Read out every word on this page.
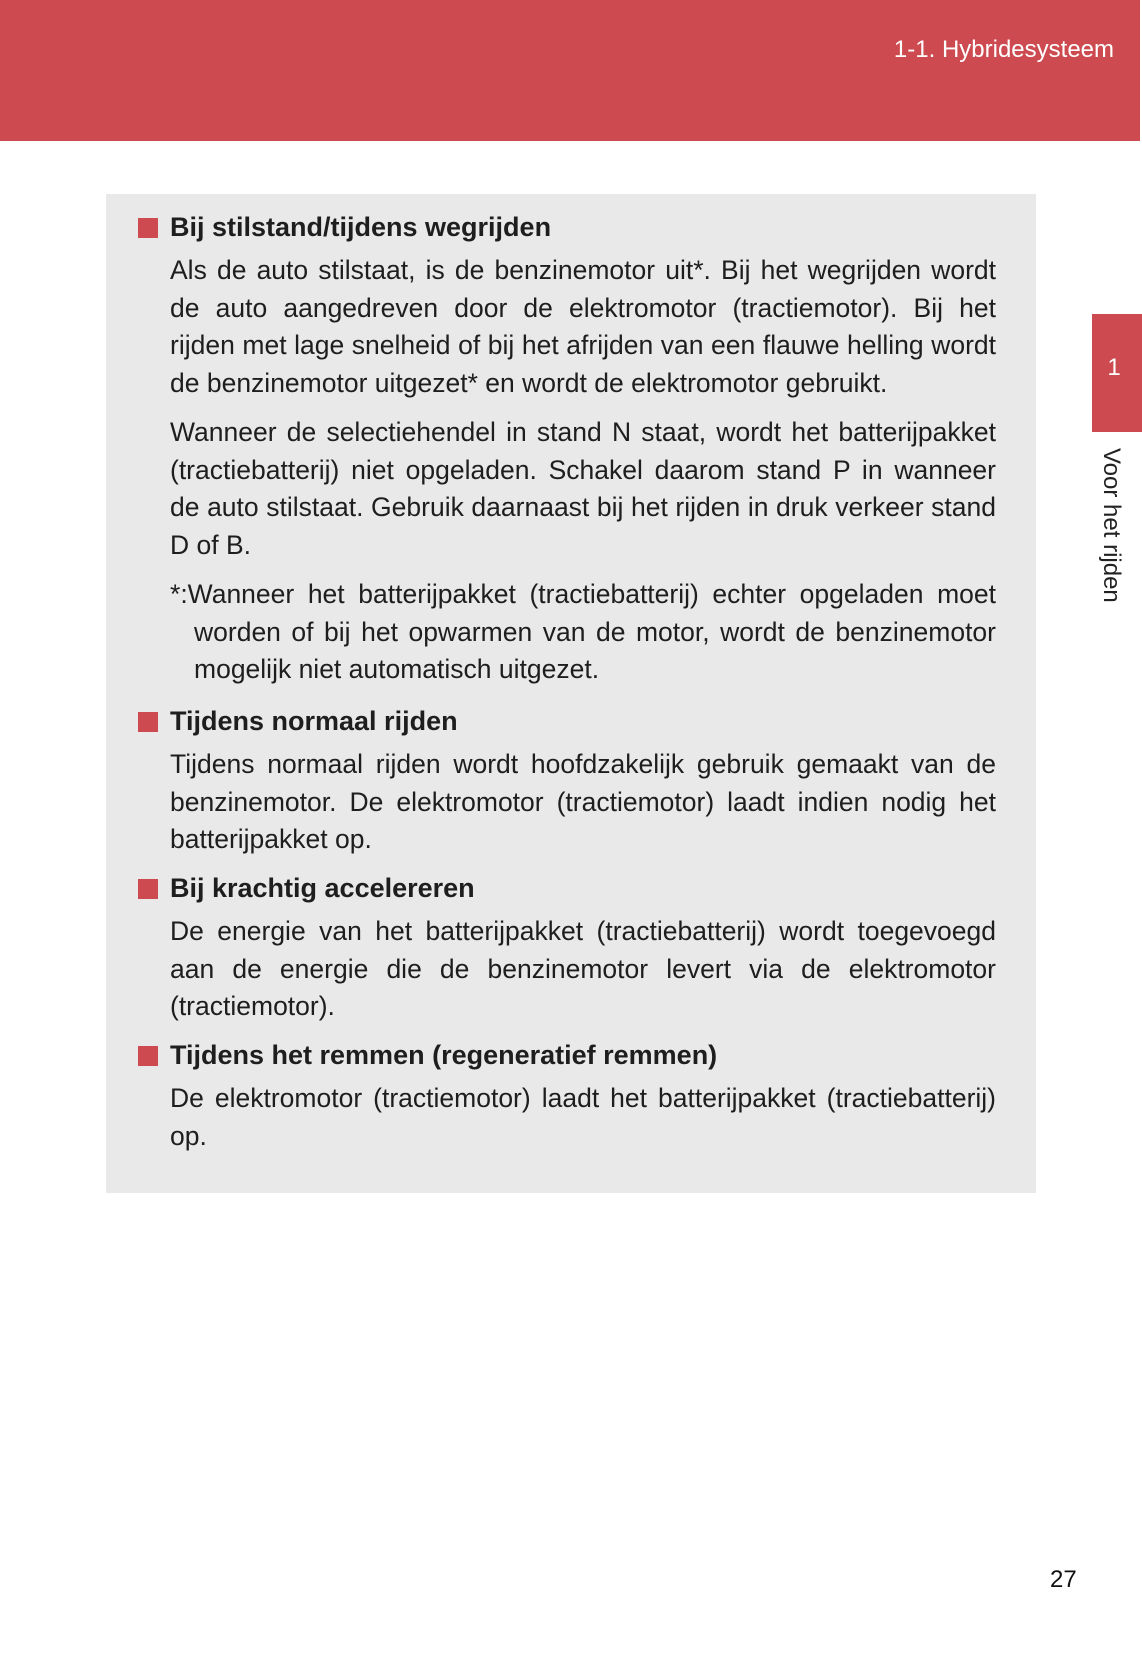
1-1. Hybridesysteem
1
Voor het rijden
Bij stilstand/tijdens wegrijden

Als de auto stilstaat, is de benzinemotor uit*. Bij het wegrijden wordt de auto aangedreven door de elektromotor (tractiemotor). Bij het rijden met lage snelheid of bij het afrijden van een flauwe helling wordt de benzinemotor uitgezet* en wordt de elektromotor gebruikt.

Wanneer de selectiehendel in stand N staat, wordt het batterijpakket (tractiebatterij) niet opgeladen. Schakel daarom stand P in wanneer de auto stilstaat. Gebruik daarnaast bij het rijden in druk verkeer stand D of B.

*:Wanneer het batterijpakket (tractiebatterij) echter opgeladen moet worden of bij het opwarmen van de motor, wordt de benzinemotor mogelijk niet automatisch uitgezet.

Tijdens normaal rijden

Tijdens normaal rijden wordt hoofdzakelijk gebruik gemaakt van de benzinemotor. De elektromotor (tractiemotor) laadt indien nodig het batterijpakket op.

Bij krachtig accelereren

De energie van het batterijpakket (tractiebatterij) wordt toegevoegd aan de energie die de benzinemotor levert via de elektromotor (tractiemotor).

Tijdens het remmen (regeneratief remmen)

De elektromotor (tractiemotor) laadt het batterijpakket (tractiebatterij) op.

27
